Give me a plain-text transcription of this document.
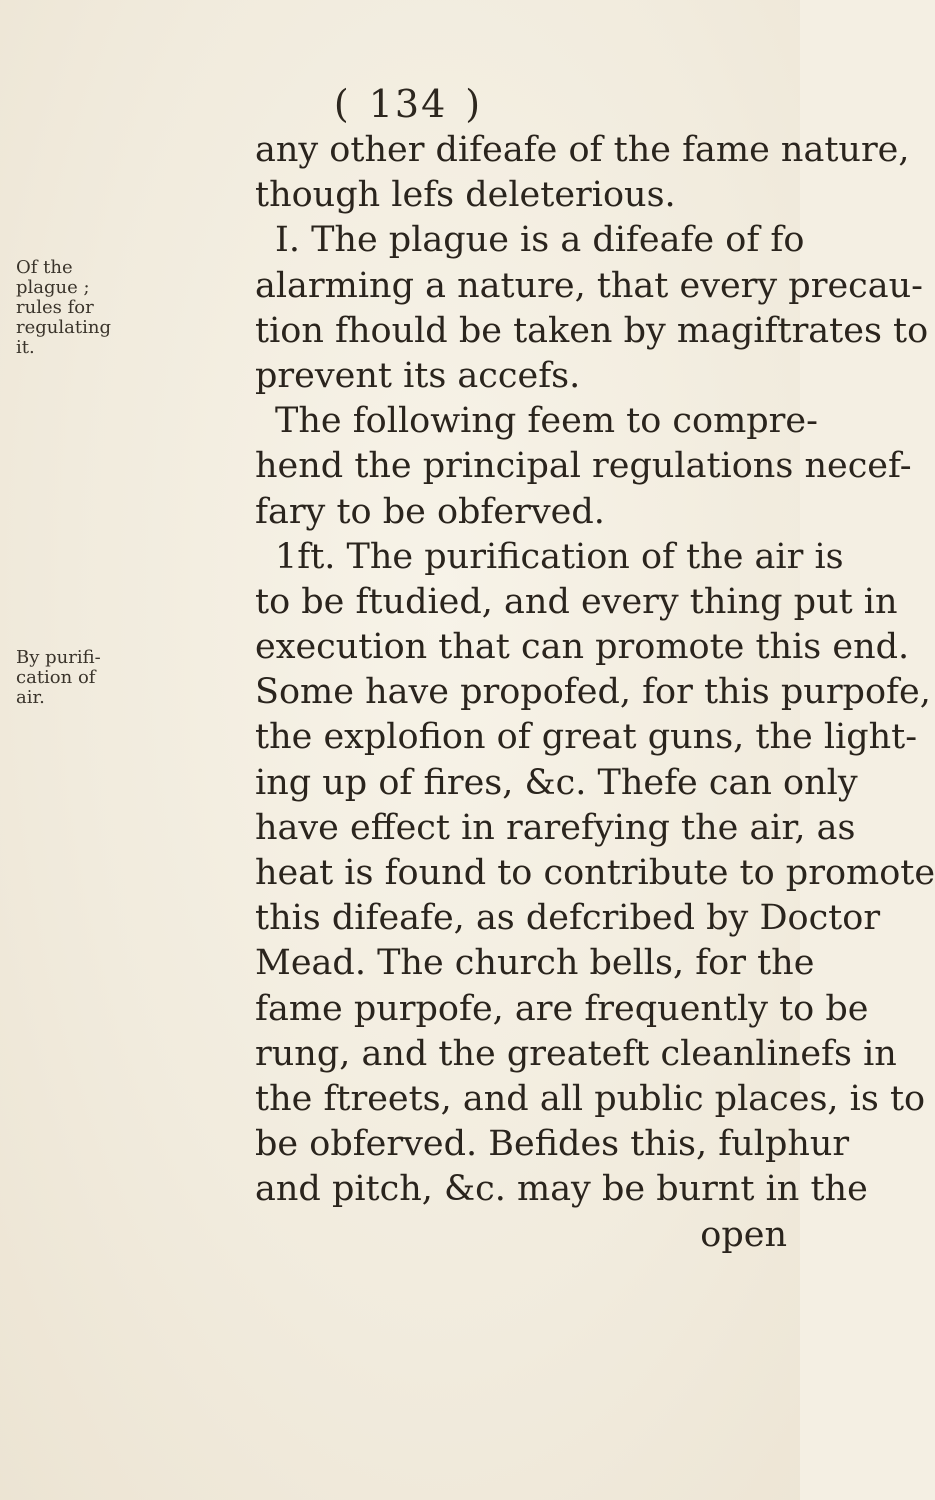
( 134 )
Of the
plague ;
rules for
regulating
it.
By purifi-
cation of
air.
any other difeafe of the fame nature,
though lefs deleterious.
I. The plague is a difeafe of fo
alarming a nature, that every precau-
tion fhould be taken by magiftrates to
prevent its accefs.
The following feem to compre-
hend the principal regulations necef-
fary to be obferved.
1ft. The purification of the air is
to be ftudied, and every thing put in
execution that can promote this end.
Some have propofed, for this purpofe,
the explofion of great guns, the light-
ing up of fires, &c. Thefe can only
have effect in rarefying the air, as
heat is found to contribute to promote
this difeafe, as defcribed by Doctor
Mead. The church bells, for the
fame purpofe, are frequently to be
rung, and the greateft cleanlinefs in
the ftreets, and all public places, is to
be obferved. Befides this, fulphur
and pitch, &c. may be burnt in the
open
